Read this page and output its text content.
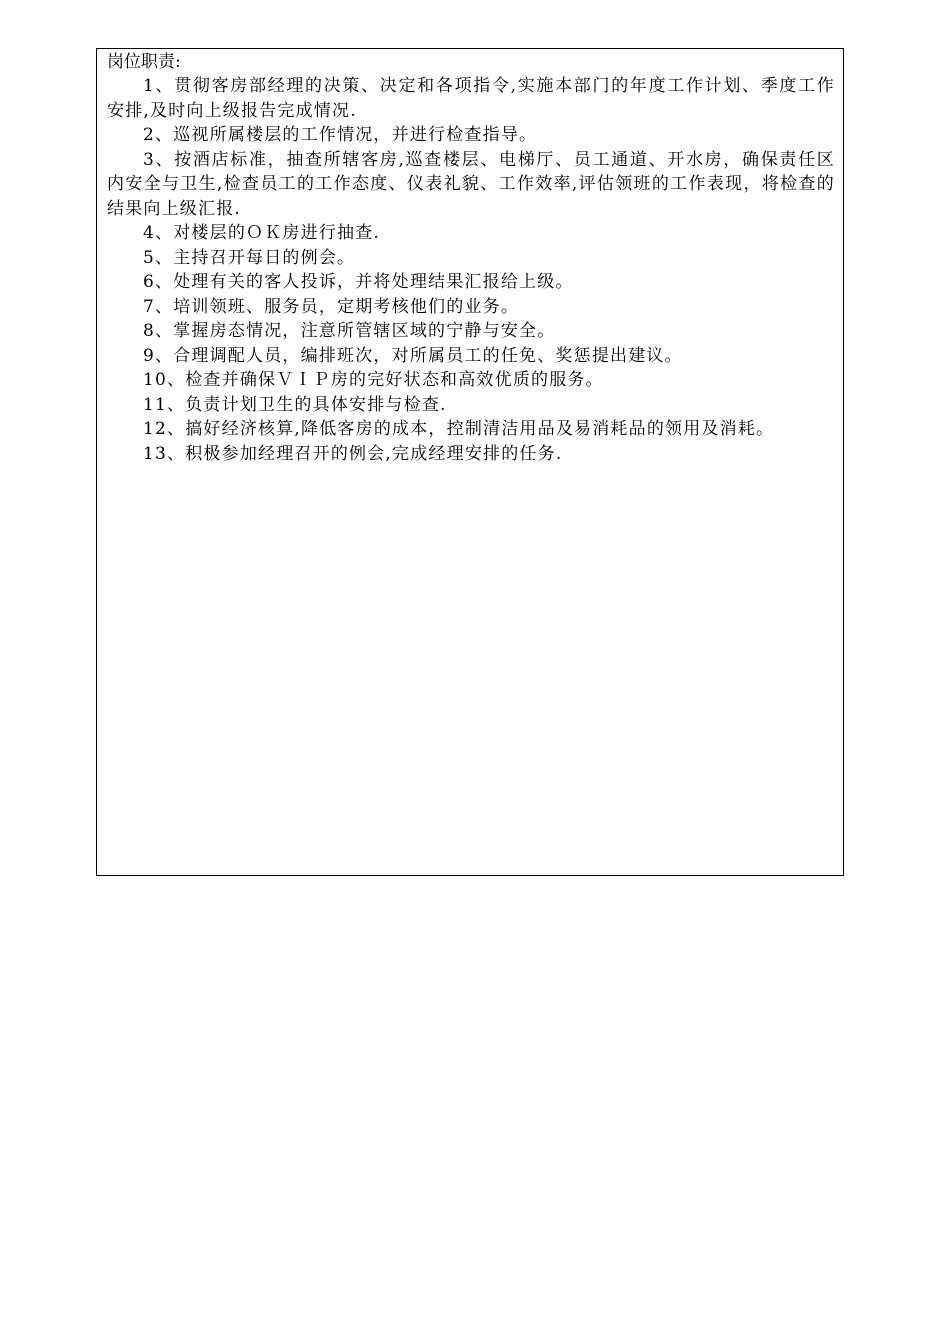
岗位职责:
1、贯彻客房部经理的决策、决定和各项指令,实施本部门的年度工作计划、季度工作安排,及时向上级报告完成情况.
2、巡视所属楼层的工作情况，并进行检查指导。
3、按酒店标准，抽查所辖客房,巡查楼层、电梯厅、员工通道、开水房，确保责任区内安全与卫生,检查员工的工作态度、仪表礼貌、工作效率,评估领班的工作表现，将检查的结果向上级汇报.
4、对楼层的ＯＫ房进行抽查.
5、主持召开每日的例会。
6、处理有关的客人投诉，并将处理结果汇报给上级。
7、培训领班、服务员，定期考核他们的业务。
8、掌握房态情况，注意所管辖区域的宁静与安全。
9、合理调配人员，编排班次，对所属员工的任免、奖惩提出建议。
10、检查并确保ＶＩＰ房的完好状态和高效优质的服务。
11、负责计划卫生的具体安排与检查.
12、搞好经济核算,降低客房的成本，控制清洁用品及易消耗品的领用及消耗。
13、积极参加经理召开的例会,完成经理安排的任务.
